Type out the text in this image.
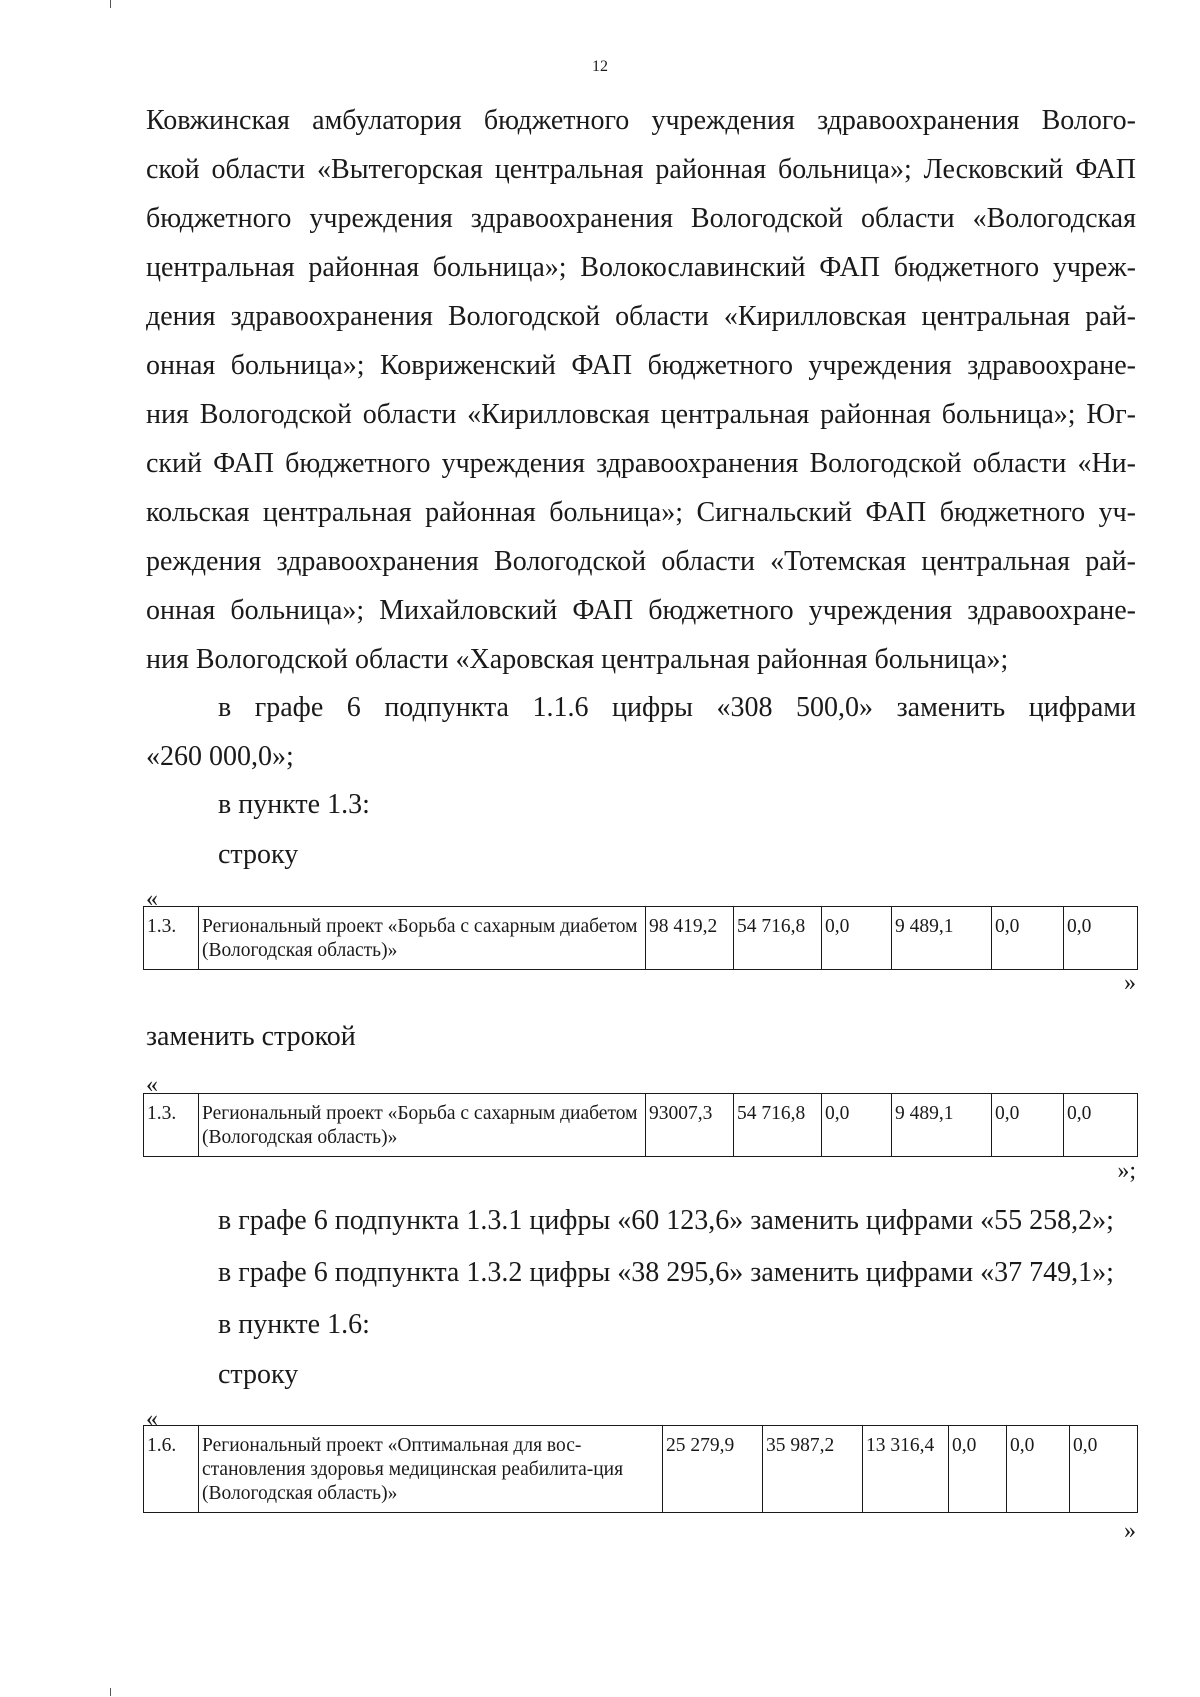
12
Ковжинская амбулатория бюджетного учреждения здравоохранения Волого-
ской области «Вытегорская центральная районная больница»; Лесковский ФАП
бюджетного учреждения здравоохранения Вологодской области «Вологодская
центральная районная больница»; Волокославинский ФАП бюджетного учреж-
дения здравоохранения Вологодской области «Кирилловская центральная рай-
онная больница»; Ковриженский ФАП бюджетного учреждения здравоохране-
ния Вологодской области «Кирилловская центральная районная больница»; Юг-
ский ФАП бюджетного учреждения здравоохранения Вологодской области «Ни-
кольская центральная районная больница»; Сигнальский ФАП бюджетного уч-
реждения здравоохранения Вологодской области «Тотемская центральная рай-
онная больница»; Михайловский ФАП бюджетного учреждения здравоохране-
ния Вологодской области «Харовская центральная районная больница»;
в графе 6 подпункта 1.1.6 цифры «308 500,0» заменить цифрами
«260 000,0»;
в пункте 1.3:
строку
«
1.3.	Региональный проект «Борьба с сахарным диабетом (Вологодская область)»	98 419,2	54 716,8	0,0	9 489,1	0,0	0,0
»
заменить строкой
«
1.3.	Региональный проект «Борьба с сахарным диабетом (Вологодская область)»	93007,3	54 716,8	0,0	9 489,1	0,0	0,0
»;
в графе 6 подпункта 1.3.1 цифры «60 123,6» заменить цифрами «55 258,2»;
в графе 6 подпункта 1.3.2 цифры «38 295,6» заменить цифрами «37 749,1»;
в пункте 1.6:
строку
«
1.6.	Региональный проект «Оптимальная для вос-становления здоровья медицинская реабилита-ция (Вологодская область)»	25 279,9	35 987,2	13 316,4	0,0	0,0	0,0
»
